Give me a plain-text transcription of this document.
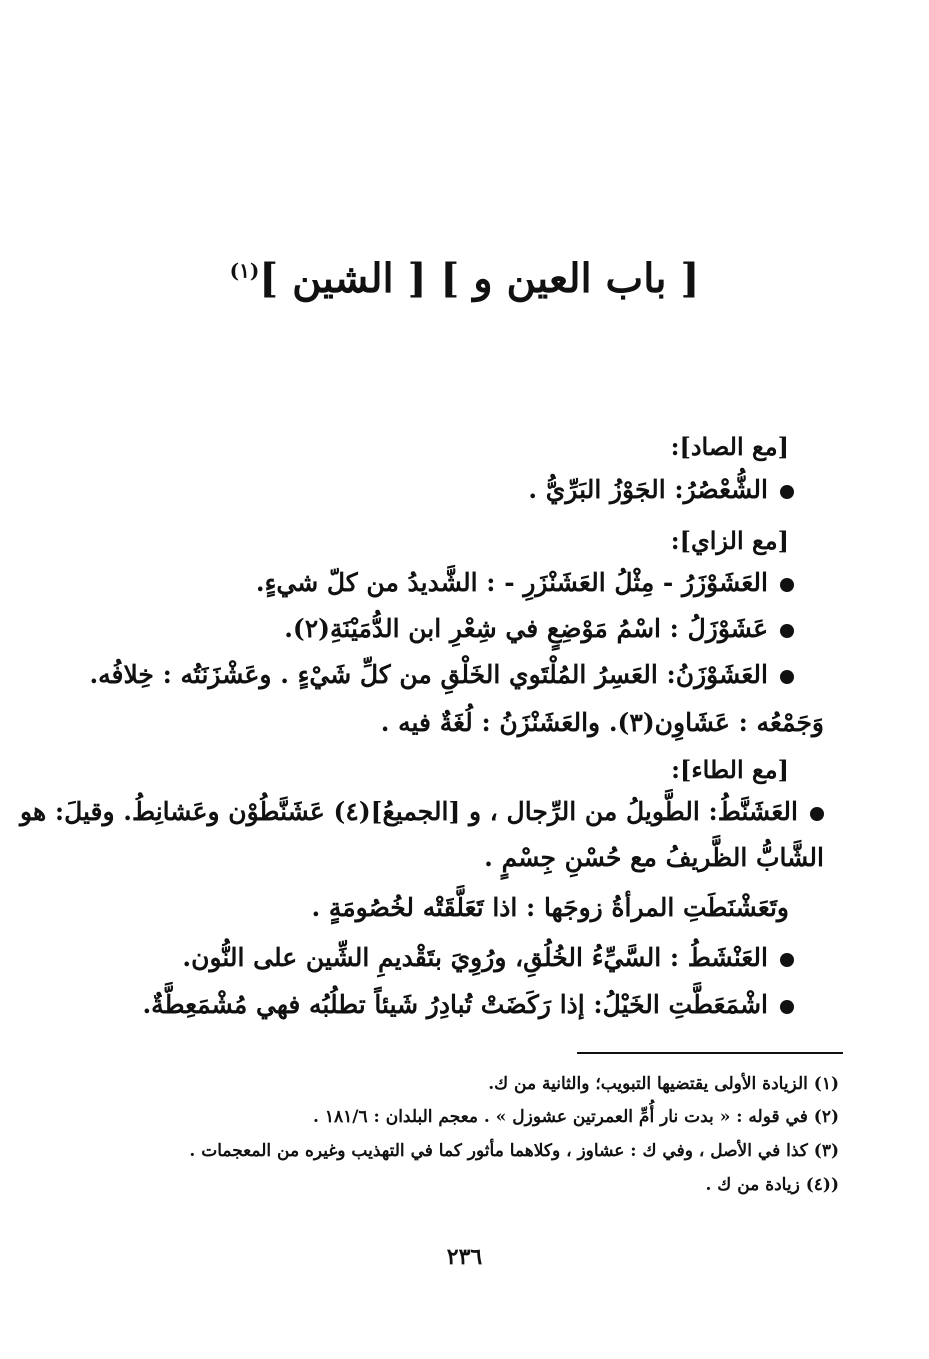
[ باب العين و ] [ الشين ]$^{(١)}$
[مع الصاد]:
الشُّعْصُرُ: الجَوْزُ البَرِّيُّ .
[مع الزاي]:
العَشَوْزَرُ - مِثْلُ العَشَنْزَرِ - : الشَّديدُ من كلّ شيءٍ.
عَشَوْزَلُ : اسْمُ مَوْضِعٍ في شِعْرِ ابن الدُّمَيْنَةِ(٢).
العَشَوْزَنُ: العَسِرُ المُلْتَوي الخَلْقِ من كلِّ شَيْءٍ . وعَشْزَنَتُه : خِلافُه.
وَجَمْعُه : عَشَاوِن(٣). والعَشَنْزَنُ : لُغَةٌ فيه .
[مع الطاء]:
العَشَنَّطُ: الطَّويلُ من الرِّجال ، و [الجميعُ](٤) عَشَنَّطُوْن وعَشانِطُ. وقيلَ: هو
الشَّابُّ الظَّريفُ مع حُسْنِ جِسْمٍ .
وتَعَشْنَطَتِ المرأةُ زوجَها : اذا تَعَلَّقَتْه لخُصُومَةٍ .
العَنْشَطُ : السَّيِّءُ الخُلُقِ، ورُوِيَ بتَقْديمِ الشِّين على النُّون.
اشْمَعَطَّتِ الخَيْلُ: إذا رَكَضَتْ تُبادِرُ شَيئاً تطلُبُه فهي مُشْمَعِطَّةٌ.
(١) الزيادة الأولى يقتضيها التبويب؛ والثانية من ك.
(٢) في قوله : « بدت نار أُمِّ العمرتين عشوزل » . معجم البلدان : ١٨١/٦ .
(٣) كذا في الأصل ، وفي ك : عشاوز ، وكلاهما مأثور كما في التهذيب وغيره من المعجمات .
((٤) زيادة من ك .
٢٣٦
